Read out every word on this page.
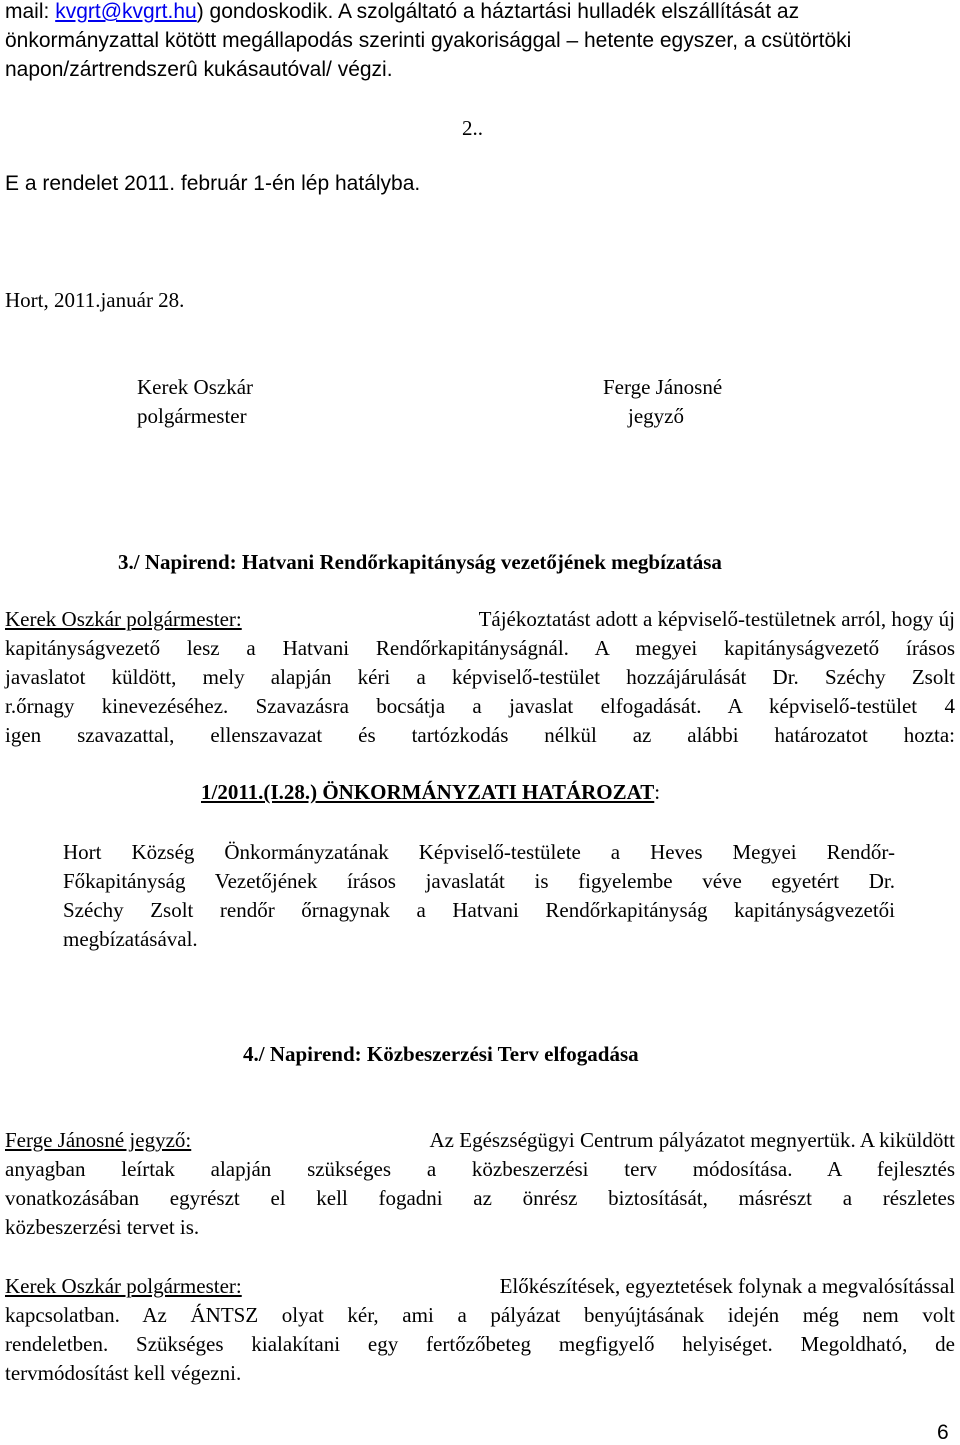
mail: kvgrt@kvgrt.hu) gondoskodik. A szolgáltató a háztartási hulladék elszállítását az
önkormányzattal kötött megállapodás szerinti gyakorisággal – hetente egyszer, a csütörtöki
napon/zártrendszerû kukásautóval/ végzi.
2..
E a rendelet 2011. február 1-én lép hatályba.
Hort, 2011.január 28.
Kerek Oszkár
polgármester
Ferge Jánosné
jegyző
3./ Napirend: Hatvani Rendőrkapitányság vezetőjének megbízatása
Kerek Oszkár polgármester:	Tájékoztatást adott a képviselő-testületnek arról, hogy új
kapitányságvezető lesz a Hatvani Rendőrkapitányságnál. A megyei kapitányságvezető írásos
javaslatot küldött, mely alapján kéri a képviselő-testület hozzájárulását Dr. Széchy Zsolt
r.őrnagy kinevezéséhez. Szavazásra bocsátja a javaslat elfogadását. A képviselő-testület 4
igen szavazattal, ellenszavazat és tartózkodás nélkül az alábbi határozatot hozta:
1/2011.(I.28.) ÖNKORMÁNYZATI HATÁROZAT:
Hort Község Önkormányzatának Képviselő-testülete a Heves Megyei Rendőr-
Főkapitányság Vezetőjének írásos javaslatát is figyelembe véve egyetért Dr.
Széchy Zsolt rendőr őrnagynak a Hatvani Rendőrkapitányság kapitányságvezetői
megbízatásával.
4./ Napirend: Közbeszerzési Terv elfogadása
Ferge Jánosné jegyző:	Az Egészségügyi Centrum pályázatot megnyertük. A kiküldött
anyagban leírtak alapján szükséges a közbeszerzési terv módosítása. A fejlesztés
vonatkozásában egyrészt el kell fogadni az önrész biztosítását, másrészt a részletes
közbeszerzési tervet is.
Kerek Oszkár polgármester:	Előkészítések, egyeztetések folynak a megvalósítással
kapcsolatban. Az ÁNTSZ olyat kér, ami a pályázat benyújtásának idején még nem volt
rendeletben. Szükséges kialakítani egy fertőzőbeteg megfigyelő helyiséget. Megoldható, de
tervmódosítást kell végezni.
6
